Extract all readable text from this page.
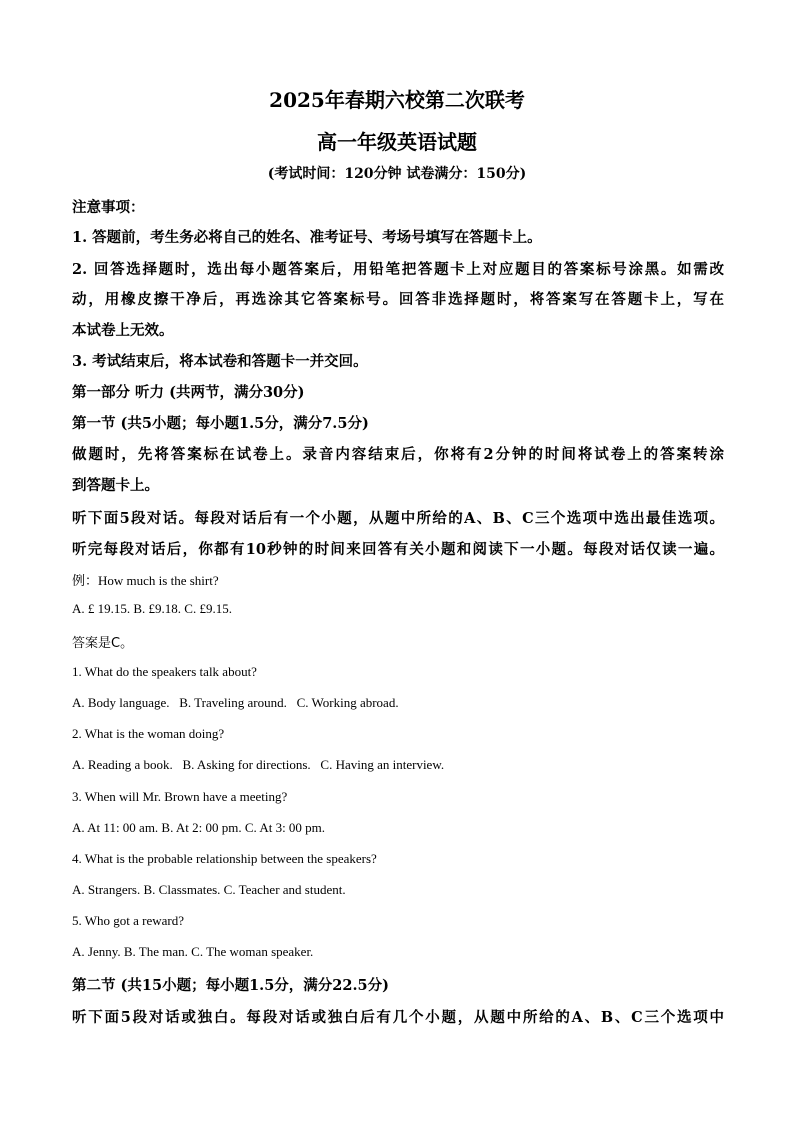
2025年春期六校第二次联考
高一年级英语试题
(考试时间：120分钟 试卷满分：150分)
注意事项：
1. 答题前，考生务必将自己的姓名、准考证号、考场号填写在答题卡上。
2. 回答选择题时，选出每小题答案后，用铅笔把答题卡上对应题目的答案标号涂黑。如需改
动，用橡皮擦干净后，再选涂其它答案标号。回答非选择题时，将答案写在答题卡上，写在
本试卷上无效。
3. 考试结束后，将本试卷和答题卡一并交回。
第一部分 听力 (共两节，满分30分)
第一节 (共5小题；每小题1.5分，满分7.5分)
做题时，先将答案标在试卷上。录音内容结束后，你将有2分钟的时间将试卷上的答案转涂
到答题卡上。
听下面5段对话。每段对话后有一个小题，从题中所给的A、B、C三个选项中选出最佳选项。
听完每段对话后，你都有10秒钟的时间来回答有关小题和阅读下一小题。每段对话仅读一遍。
例：How much is the shirt?
A. £ 19.15. B. £9.18. C. £9.15.
答案是C。
1. What do the speakers talk about?
A. Body language.   B. Traveling around.   C. Working abroad.
2. What is the woman doing?
A. Reading a book.   B. Asking for directions.   C. Having an interview.
3. When will Mr. Brown have a meeting?
A. At 11: 00 am. B. At 2: 00 pm. C. At 3: 00 pm.
4. What is the probable relationship between the speakers?
A. Strangers. B. Classmates. C. Teacher and student.
5. Who got a reward?
A. Jenny. B. The man. C. The woman speaker.
第二节 (共15小题；每小题1.5分，满分22.5分)
听下面5段对话或独白。每段对话或独白后有几个小题，从题中所给的A、B、C三个选项中
